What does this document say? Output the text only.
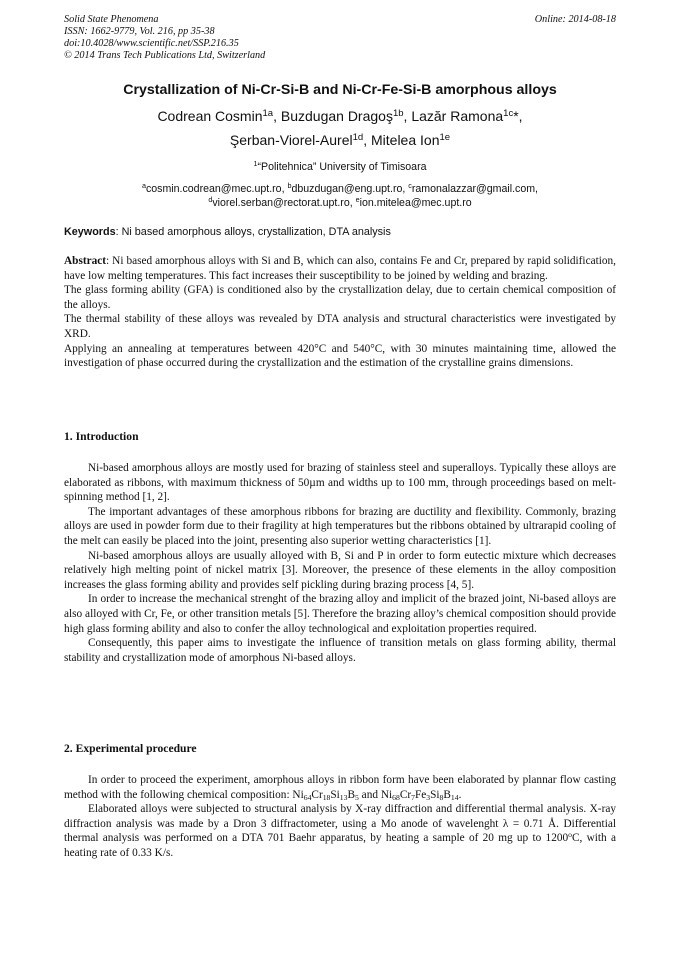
Solid State Phenomena
ISSN: 1662-9779, Vol. 216, pp 35-38
doi:10.4028/www.scientific.net/SSP.216.35
© 2014 Trans Tech Publications Ltd, Switzerland
Online: 2014-08-18
Crystallization of Ni-Cr-Si-B and Ni-Cr-Fe-Si-B amorphous alloys
Codrean Cosmin$^{1a}$, Buzdugan Dragoş$^{1b}$, Lazăr Ramona$^{1c}$*,
Şerban-Viorel-Aurel$^{1d}$, Mitelea Ion$^{1e}$
$^1$“Politehnica” University of Timisoara
$^a$cosmin.codrean@mec.upt.ro, $^b$dbuzdugan@eng.upt.ro, $^c$ramonalazzar@gmail.com,
$^d$viorel.serban@rectorat.upt.ro, $^e$ion.mitelea@mec.upt.ro
Keywords: Ni based amorphous alloys, crystallization, DTA analysis

Abstract: Ni based amorphous alloys with Si and B, which can also, contains Fe and Cr, prepared by rapid solidification, have low melting temperatures. This fact increases their susceptibility to be joined by welding and brazing.

The glass forming ability (GFA) is conditioned also by the crystallization delay, due to certain chemical composition of the alloys.

The thermal stability of these alloys was revealed by DTA analysis and structural characteristics were investigated by XRD.

Applying an annealing at temperatures between 420°C and 540°C, with 30 minutes maintaining time, allowed the investigation of phase occurred during the crystallization and the estimation of the crystalline grains dimensions.

1. Introduction

Ni-based amorphous alloys are mostly used for brazing of stainless steel and superalloys. Typically these alloys are elaborated as ribbons, with maximum thickness of 50µm and widths up to 100 mm, through proceedings based on melt-spinning method [1, 2].

The important advantages of these amorphous ribbons for brazing are ductility and flexibility. Commonly, brazing alloys are used in powder form due to their fragility at high temperatures but the ribbons obtained by ultrarapid cooling of the melt can easily be placed into the joint, presenting also superior wetting characteristics [1].

Ni-based amorphous alloys are usually alloyed with B, Si and P in order to form eutectic mixture which decreases relatively high melting point of nickel matrix [3]. Moreover, the presence of these elements in the alloy composition increases the glass forming ability and provides self pickling during brazing process [4, 5].

In order to increase the mechanical strenght of the brazing alloy and implicit of the brazed joint, Ni-based alloys are also alloyed with Cr, Fe, or other transition metals [5]. Therefore the brazing alloy’s chemical composition should provide high glass forming ability and also to confer the alloy technological and exploitation properties required.

Consequently, this paper aims to investigate the influence of transition metals on glass forming ability, thermal stability and crystallization mode of amorphous Ni-based alloys.

2. Experimental procedure

In order to proceed the experiment, amorphous alloys in ribbon form have been elaborated by plannar flow casting method with the following chemical composition: $Ni_{64}Cr_{18}Si_{13}B_5$ and $Ni_{68}Cr_7Fe_3Si_8B_{14}$.

Elaborated alloys were subjected to structural analysis by X-ray diffraction and differential thermal analysis. X-ray diffraction analysis was made by a Dron 3 diffractometer, using a Mo anode of wavelenght λ = 0.71 Å. Differential thermal analysis was performed on a DTA 701 Baehr apparatus, by heating a sample of 20 mg up to 1200$^o$C, with a heating rate of 0.33 K/s.
